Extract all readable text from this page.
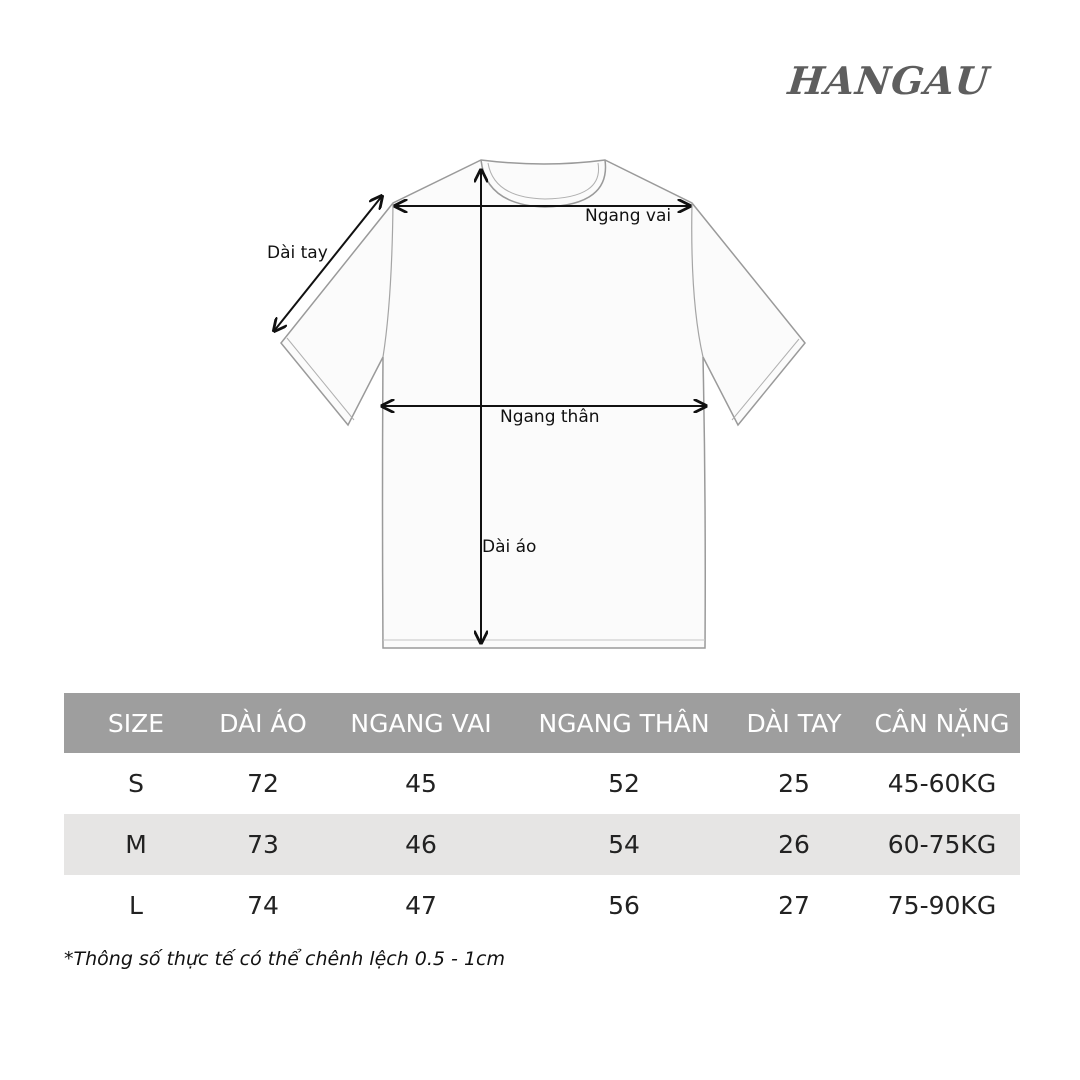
HANGAU
Dài tay
Ngang vai
Ngang thân
Dài áo
SIZE	DÀI ÁO	NGANG VAI	NGANG THÂN	DÀI TAY	CÂN NẶNG
S	72	45	52	25	45-60KG
M	73	46	54	26	60-75KG
L	74	47	56	27	75-90KG
*Thông số thực tế có thể chênh lệch 0.5 - 1cm
